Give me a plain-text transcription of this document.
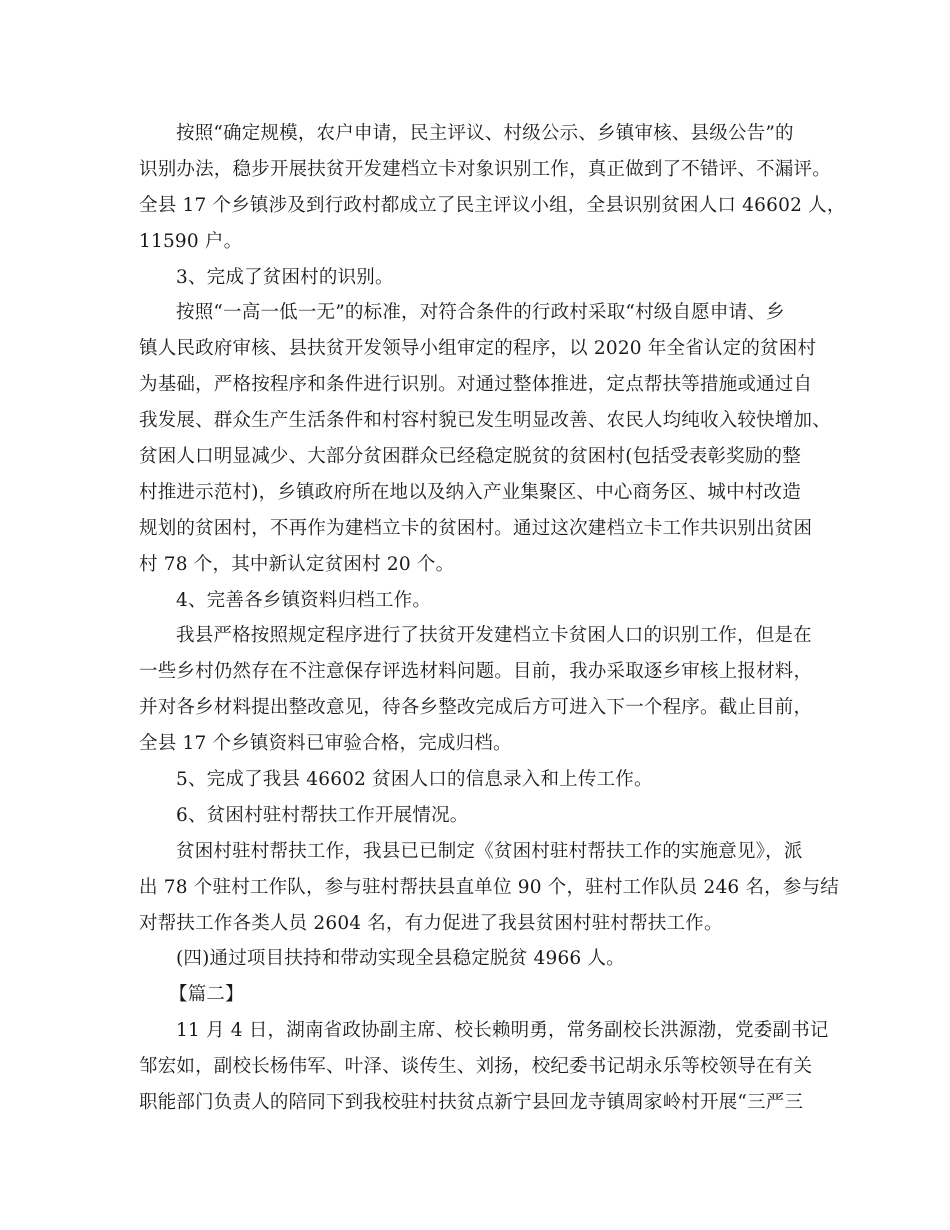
按照“确定规模，农户申请，民主评议、村级公示、乡镇审核、县级公告”的
识别办法，稳步开展扶贫开发建档立卡对象识别工作，真正做到了不错评、不漏评。
全县 17 个乡镇涉及到行政村都成立了民主评议小组，全县识别贫困人口 46602 人，
11590 户。
3、完成了贫困村的识别。
按照“一高一低一无”的标准，对符合条件的行政村采取“村级自愿申请、乡
镇人民政府审核、县扶贫开发领导小组审定的程序，以 2020 年全省认定的贫困村
为基础，严格按程序和条件进行识别。对通过整体推进，定点帮扶等措施或通过自
我发展、群众生产生活条件和村容村貌已发生明显改善、农民人均纯收入较快增加、
贫困人口明显减少、大部分贫困群众已经稳定脱贫的贫困村(包括受表彰奖励的整
村推进示范村)，乡镇政府所在地以及纳入产业集聚区、中心商务区、城中村改造
规划的贫困村，不再作为建档立卡的贫困村。通过这次建档立卡工作共识别出贫困
村 78 个，其中新认定贫困村 20 个。
4、完善各乡镇资料归档工作。
我县严格按照规定程序进行了扶贫开发建档立卡贫困人口的识别工作，但是在
一些乡村仍然存在不注意保存评选材料问题。目前，我办采取逐乡审核上报材料，
并对各乡材料提出整改意见，待各乡整改完成后方可进入下一个程序。截止目前，
全县 17 个乡镇资料已审验合格，完成归档。
5、完成了我县 46602 贫困人口的信息录入和上传工作。
6、贫困村驻村帮扶工作开展情况。
贫困村驻村帮扶工作，我县已已制定《贫困村驻村帮扶工作的实施意见》，派
出 78 个驻村工作队，参与驻村帮扶县直单位 90 个，驻村工作队员 246 名，参与结
对帮扶工作各类人员 2604 名，有力促进了我县贫困村驻村帮扶工作。
(四)通过项目扶持和带动实现全县稳定脱贫 4966 人。
【篇二】
11 月 4 日，湖南省政协副主席、校长赖明勇，常务副校长洪源渤，党委副书记
邹宏如，副校长杨伟军、叶泽、谈传生、刘扬，校纪委书记胡永乐等校领导在有关
职能部门负责人的陪同下到我校驻村扶贫点新宁县回龙寺镇周家岭村开展“三严三
